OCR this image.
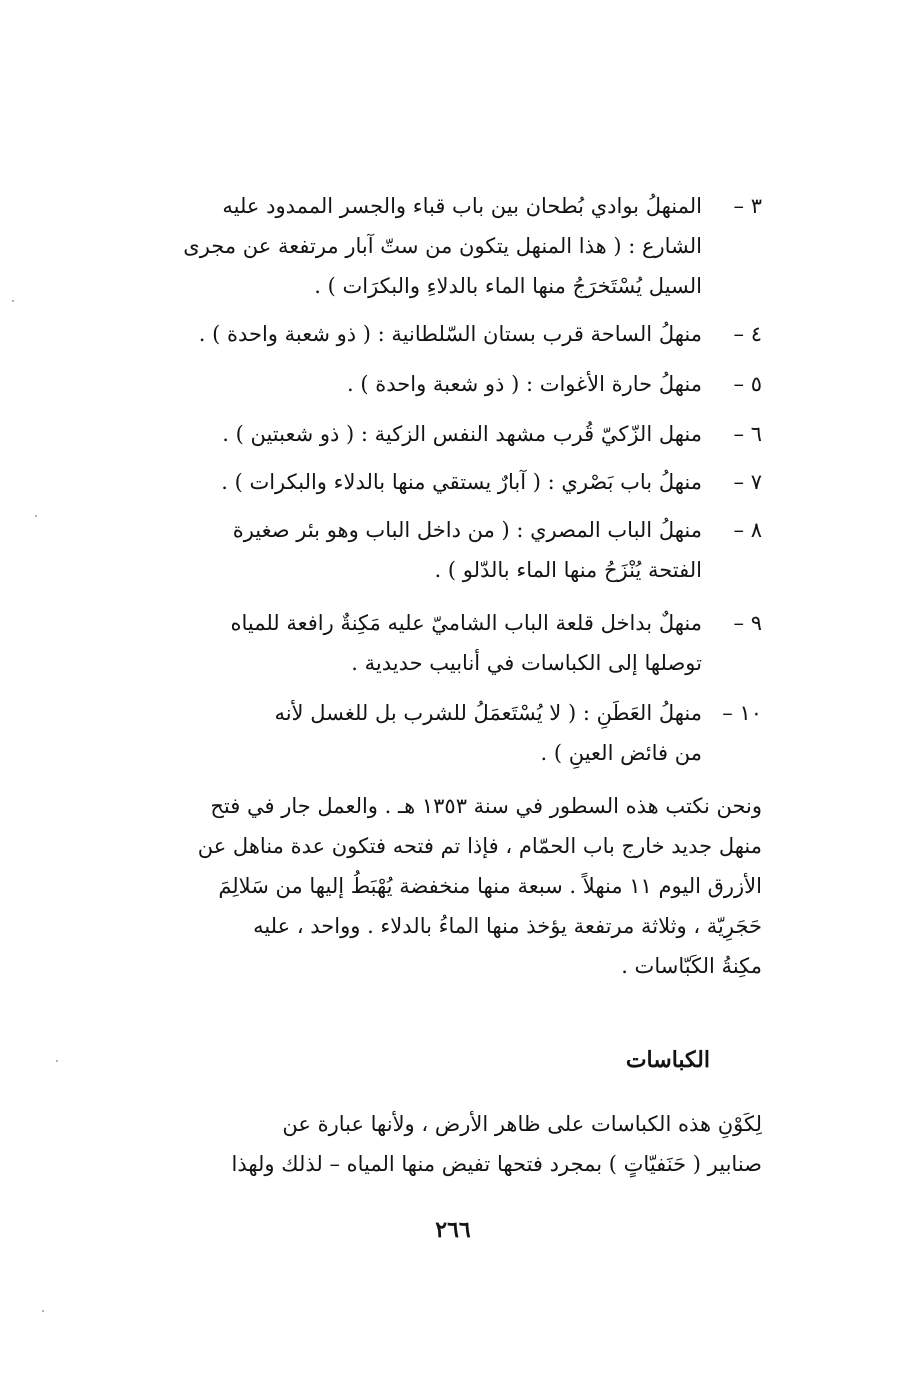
٣ –
المنهلُ بوادي بُطحان بين باب قباء والجسر الممدود عليه
الشارع : ( هذا المنهل يتكون من ستّ آبار مرتفعة عن مجرى
السيل يُسْتَخرَجُ منها الماء بالدلاءِ والبكرَات ) .
٤ –
منهلُ الساحة قرب بستان السّلطانية : ( ذو شعبة واحدة ) .
٥ –
منهلُ حارة الأغوات : ( ذو شعبة واحدة ) .
٦ –
منهل الزّكيّ قُرب مشهد النفس الزكية : ( ذو شعبتين ) .
٧ –
منهلُ باب بَصْري : ( آبارٌ يستقي منها بالدلاء والبكرات ) .
٨ –
منهلُ الباب المصري : ( من داخل الباب وهو بئر صغيرة
الفتحة يُنْزَحُ منها الماء بالدّلو ) .
٩ –
منهلٌ بداخل قلعة الباب الشاميّ عليه مَكِنةٌ رافعة للمياه
توصلها إلى الكباسات في أنابيب حديدية .
١٠ –
منهلُ العَطَنِ : ( لا يُسْتَعمَلُ للشرب بل للغسل لأنه
من فائض العينِ ) .
ونحن نكتب هذه السطور في سنة ١٣٥٣ هـ . والعمل جار في فتح
منهل جديد خارج باب الحمّام ، فإذا تم فتحه فتكون عدة مناهل عن
الأزرق اليوم ١١ منهلاً . سبعة منها منخفضة يُهْبَطُ إليها من سَلالِمَ
حَجَرِيّة ، وثلاثة مرتفعة يؤخذ منها الماءُ بالدلاء . وواحد ، عليه
مكِنةُ الكَبّاسات .
الكباسات
لِكَوْنِ هذه الكباسات على ظاهر الأرض ، ولأنها عبارة عن
صنابير ( حَنَفيّاتٍ ) بمجرد فتحها تفيض منها المياه – لذلك ولهذا
٢٦٦
